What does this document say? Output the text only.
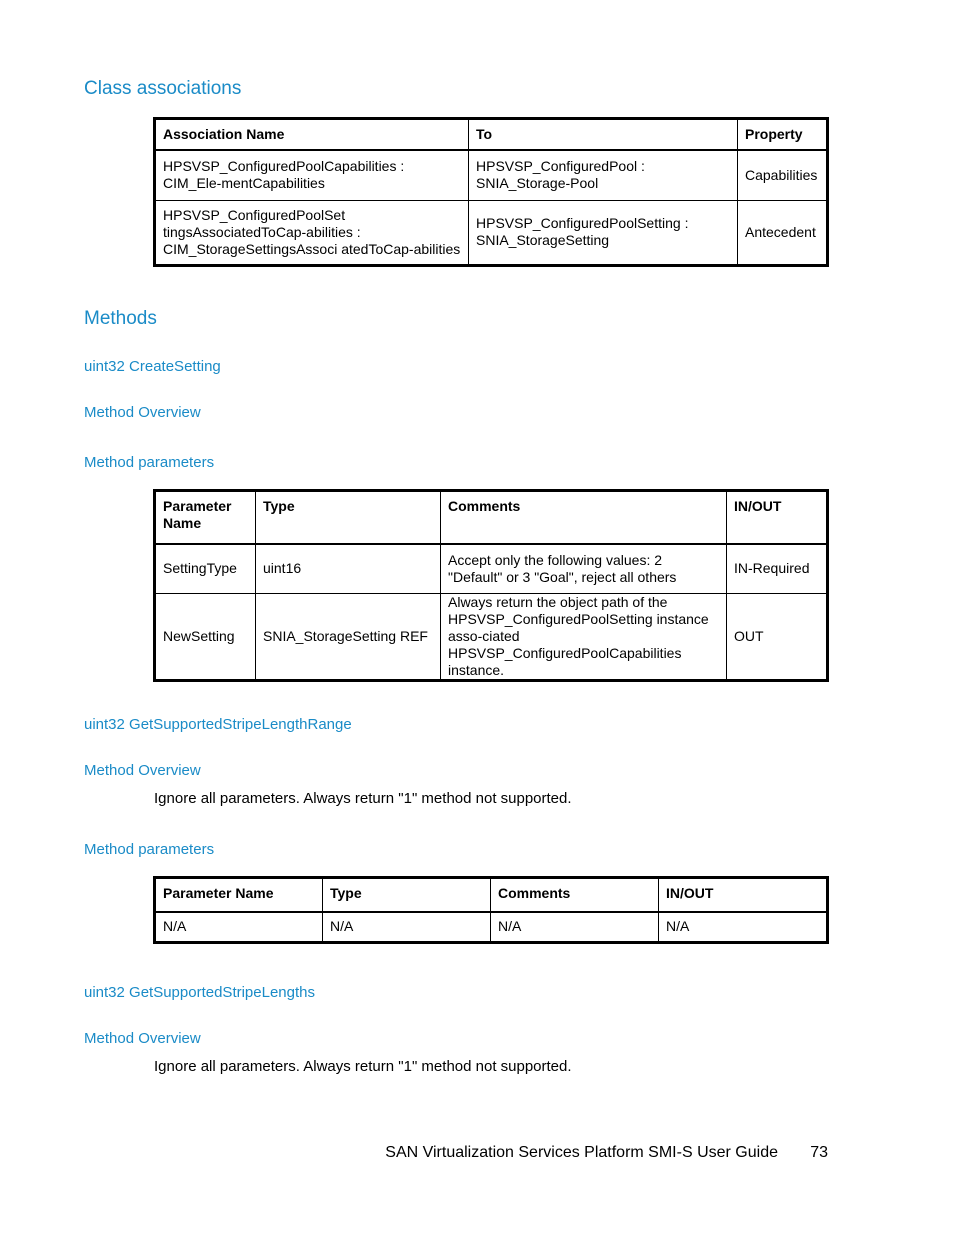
Class associations
Association Name	To	Property
HPSVSP_ConfiguredPoolCapabilities : CIM_Ele-mentCapabilities	HPSVSP_ConfiguredPool : SNIA_Storage-Pool	Capabilities
HPSVSP_ConfiguredPoolSet tingsAssociatedToCap-abilities : CIM_StorageSettingsAssoci atedToCap-abilities	HPSVSP_ConfiguredPoolSetting : SNIA_StorageSetting	Antecedent
Methods
uint32 CreateSetting
Method Overview
Method parameters
Parameter Name	Type	Comments	IN/OUT
SettingType	uint16	Accept only the following values: 2 "Default" or 3 "Goal", reject all others	IN-Required
NewSetting	SNIA_StorageSetting REF	Always return the object path of the HPSVSP_ConfiguredPoolSetting instance asso-ciated HPSVSP_ConfiguredPoolCapabilities instance.	OUT
uint32 GetSupportedStripeLengthRange
Method Overview
Ignore all parameters. Always return "1" method not supported.
Method parameters
Parameter Name	Type	Comments	IN/OUT
N/A	N/A	N/A	N/A
uint32 GetSupportedStripeLengths
Method Overview
Ignore all parameters. Always return "1" method not supported.
SAN Virtualization Services Platform SMI-S User Guide 73
